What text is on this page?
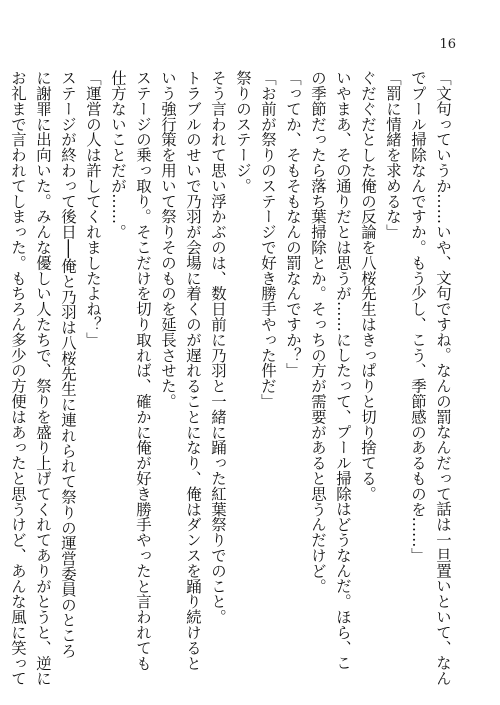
16
「文句っていうか……いや、文句ですね。なんの罰なんだって話は一旦置いといて、なん
でプール掃除なんですか。もう少し、こう、季節感のあるものを……」
「罰に情緒を求めるな」
ぐだぐだとした俺の反論を八桜先生はきっぱりと切り捨てる。
いやまあ、その通りだとは思うが……にしたって、プール掃除はどうなんだ。ほら、こ
の季節だったら落ち葉掃除とか。そっちの方が需要があると思うんだけど。
「ってか、そもそもなんの罰なんですか？」
「お前が祭りのステージで好き勝手やった件だ」
祭りのステージ。
そう言われて思い浮かぶのは、数日前に乃羽と一緒に踊った紅葉祭りでのこと。
トラブルのせいで乃羽が会場に着くのが遅れることになり、俺はダンスを踊り続けると
いう強行策を用いて祭りそのものを延長させた。
ステージの乗っ取り。そこだけを切り取れば、確かに俺が好き勝手やったと言われても
仕方ないことだが……。
「運営の人は許してくれましたよね？」
ステージが終わって後日──俺と乃羽は八桜先生に連れられて祭りの運営委員のところ
に謝罪に出向いた。みんな優しい人たちで、祭りを盛り上げてくれてありがとうと、逆に
お礼まで言われてしまった。もちろん多少の方便はあったと思うけど、あんな風に笑って
